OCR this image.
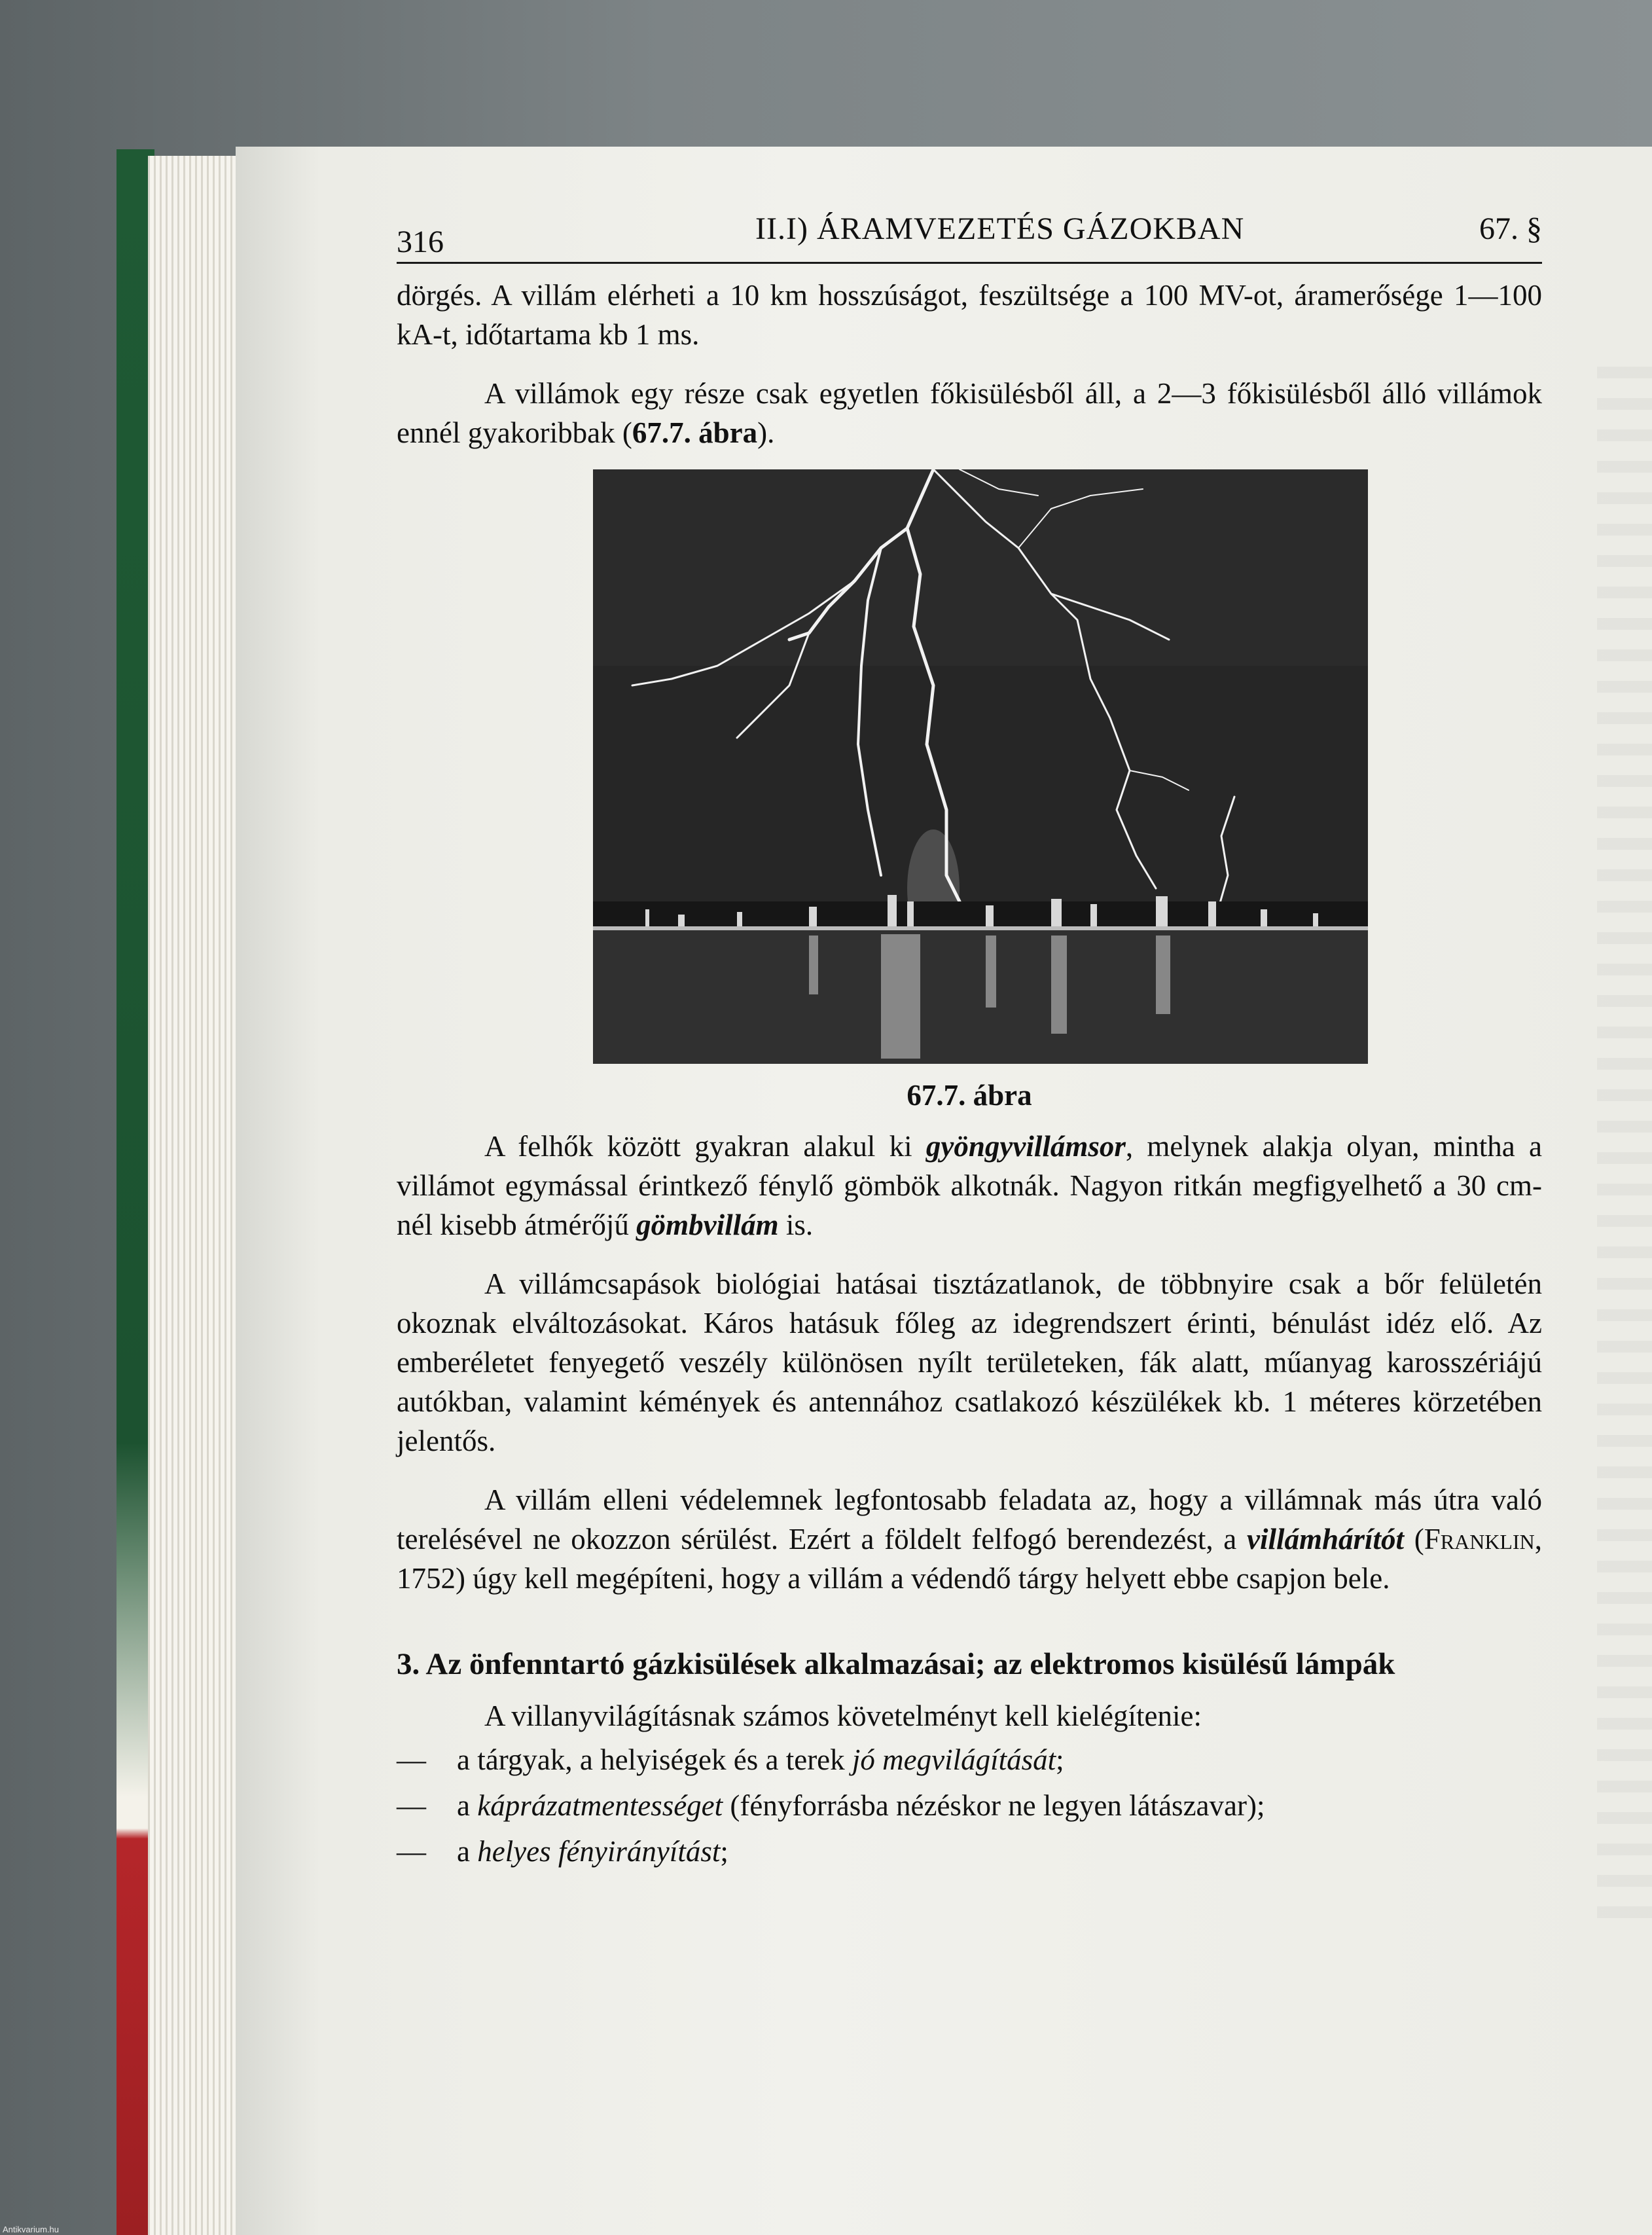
316	II.I) ÁRAMVEZETÉS GÁZOKBAN	67. §

dörgés. A villám elérheti a 10 km hosszúságot, feszültsége a 100 MV-ot, áramerősége 1—100 kA-t, időtartama kb 1 ms.

A villámok egy része csak egyetlen főkisülésből áll, a 2—3 főkisülésből álló villámok ennél gyakoribbak (67.7. ábra).

67.7. ábra

A felhők között gyakran alakul ki gyöngyvillámsor, melynek alakja olyan, mintha a villámot egymással érintkező fénylő gömbök alkotnák. Nagyon ritkán megfigyelhető a 30 cm-nél kisebb átmérőjű gömbvillám is.

A villámcsapások biológiai hatásai tisztázatlanok, de többnyire csak a bőr felületén okoznak elváltozásokat. Káros hatásuk főleg az idegrendszert érinti, bénulást idéz elő. Az emberéletet fenyegető veszély különösen nyílt területeken, fák alatt, műanyag karosszériájú autókban, valamint kémények és antennához csatlakozó készülékek kb. 1 méteres körzetében jelentős.

A villám elleni védelemnek legfontosabb feladata az, hogy a villámnak más útra való terelésével ne okozzon sérülést. Ezért a földelt felfogó berendezést, a villámhárítót (Franklin, 1752) úgy kell megépíteni, hogy a villám a védendő tárgy helyett ebbe csapjon bele.

3. Az önfenntartó gázkisülések alkalmazásai; az elektromos kisülésű lámpák

A villanyvilágításnak számos követelményt kell kielégítenie:

— a tárgyak, a helyiségek és a terek jó megvilágítását;
— a káprázatmentességet (fényforrásba nézéskor ne legyen látászavar);
— a helyes fényirányítást;
Antikvarium.hu
